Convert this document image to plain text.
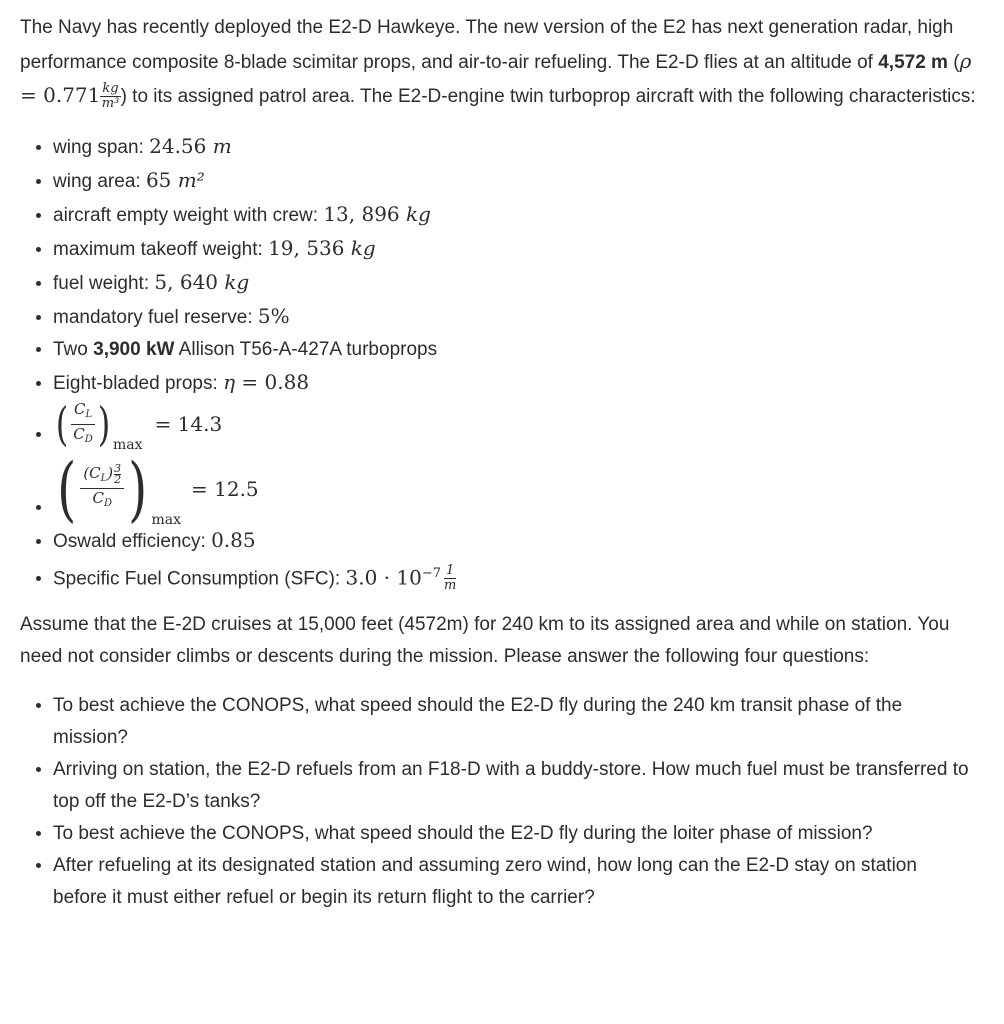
The Navy has recently deployed the E2-D Hawkeye. The new version of the E2 has next generation radar, high performance composite 8-blade scimitar props, and air-to-air refueling. The E2-D flies at an altitude of 4,572 m ($\rho = 0.771 \frac{kg}{\text{m³}}$ ) to its assigned patrol area. The E2-D-engine twin turboprop aircraft with the following characteristics:

• wing span: 24.56 m
• wing area: 65 m²
• aircraft empty weight with crew: 13, 896 kg
• maximum takeoff weight: 19, 536 kg
• fuel weight: 5, 640 kg
• mandatory fuel reserve: 5%
• Two 3,900 kW Allison T56-A-427A turboprops
• Eight-bladed props: η = 0.88
• ( $\frac{C_L}{C_D}$ ) max
= 14.3
• ( $\frac{(C_L) \frac{3}{2}}{C_D}$ ) max
= 12.5
• Oswald efficiency: 0.85
• Specific Fuel Consumption (SFC): $3.0 \cdot 10^{-7} \frac{1}{m}$

Assume that the E-2D cruises at 15,000 feet (4572m) for 240 km to its assigned area and while on station. You need not consider climbs or descents during the mission. Please answer the following four questions:

• To best achieve the CONOPS, what speed should the E2-D fly during the 240 km transit phase of the mission?
• Arriving on station, the E2-D refuels from an F18-D with a buddy-store. How much fuel must be transferred to top off the E2-D’s tanks?
• To best achieve the CONOPS, what speed should the E2-D fly during the loiter phase of mission?
• After refueling at its designated station and assuming zero wind, how long can the E2-D stay on station before it must either refuel or begin its return flight to the carrier?
